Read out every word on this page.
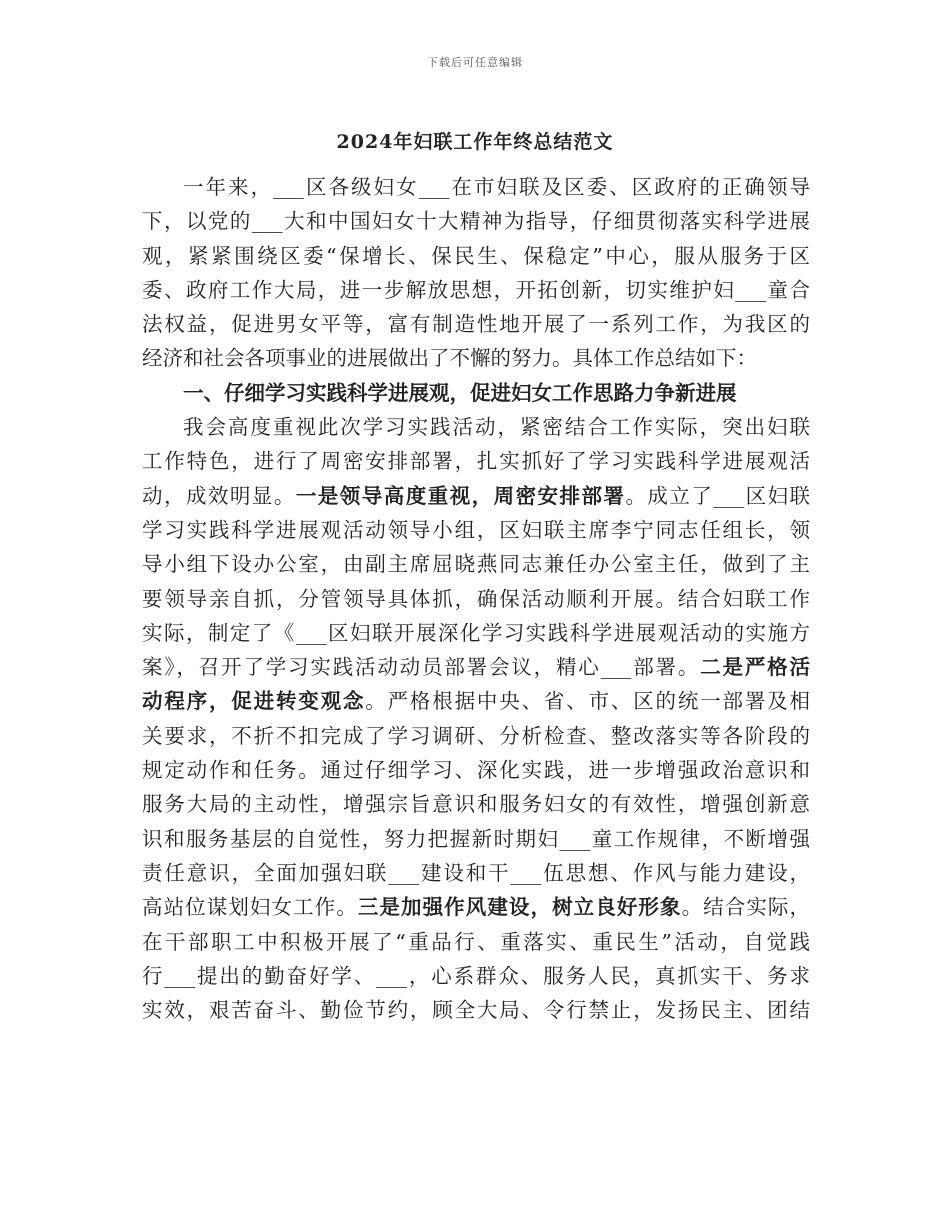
下载后可任意编辑
2024年妇联工作年终总结范文
一年来，___区各级妇女___在市妇联及区委、区政府的正确领导
下，以党的___大和中国妇女十大精神为指导，仔细贯彻落实科学进展
观，紧紧围绕区委“保增长、保民生、保稳定”中心，服从服务于区
委、政府工作大局，进一步解放思想，开拓创新，切实维护妇___童合
法权益，促进男女平等，富有制造性地开展了一系列工作，为我区的
经济和社会各项事业的进展做出了不懈的努力。具体工作总结如下：
一、仔细学习实践科学进展观，促进妇女工作思路力争新进展
我会高度重视此次学习实践活动，紧密结合工作实际，突出妇联
工作特色，进行了周密安排部署，扎实抓好了学习实践科学进展观活
动，成效明显。一是领导高度重视，周密安排部署。成立了___区妇联
学习实践科学进展观活动领导小组，区妇联主席李宁同志任组长，领
导小组下设办公室，由副主席屈晓燕同志兼任办公室主任，做到了主
要领导亲自抓，分管领导具体抓，确保活动顺利开展。结合妇联工作
实际，制定了《___区妇联开展深化学习实践科学进展观活动的实施方
案》，召开了学习实践活动动员部署会议，精心___部署。二是严格活
动程序，促进转变观念。严格根据中央、省、市、区的统一部署及相
关要求，不折不扣完成了学习调研、分析检查、整改落实等各阶段的
规定动作和任务。通过仔细学习、深化实践，进一步增强政治意识和
服务大局的主动性，增强宗旨意识和服务妇女的有效性，增强创新意
识和服务基层的自觉性，努力把握新时期妇___童工作规律，不断增强
责任意识，全面加强妇联___建设和干___伍思想、作风与能力建设，
高站位谋划妇女工作。三是加强作风建设，树立良好形象。结合实际，
在干部职工中积极开展了“重品行、重落实、重民生”活动，自觉践
行___提出的勤奋好学、___，心系群众、服务人民，真抓实干、务求
实效，艰苦奋斗、勤俭节约，顾全大局、令行禁止，发扬民主、团结
